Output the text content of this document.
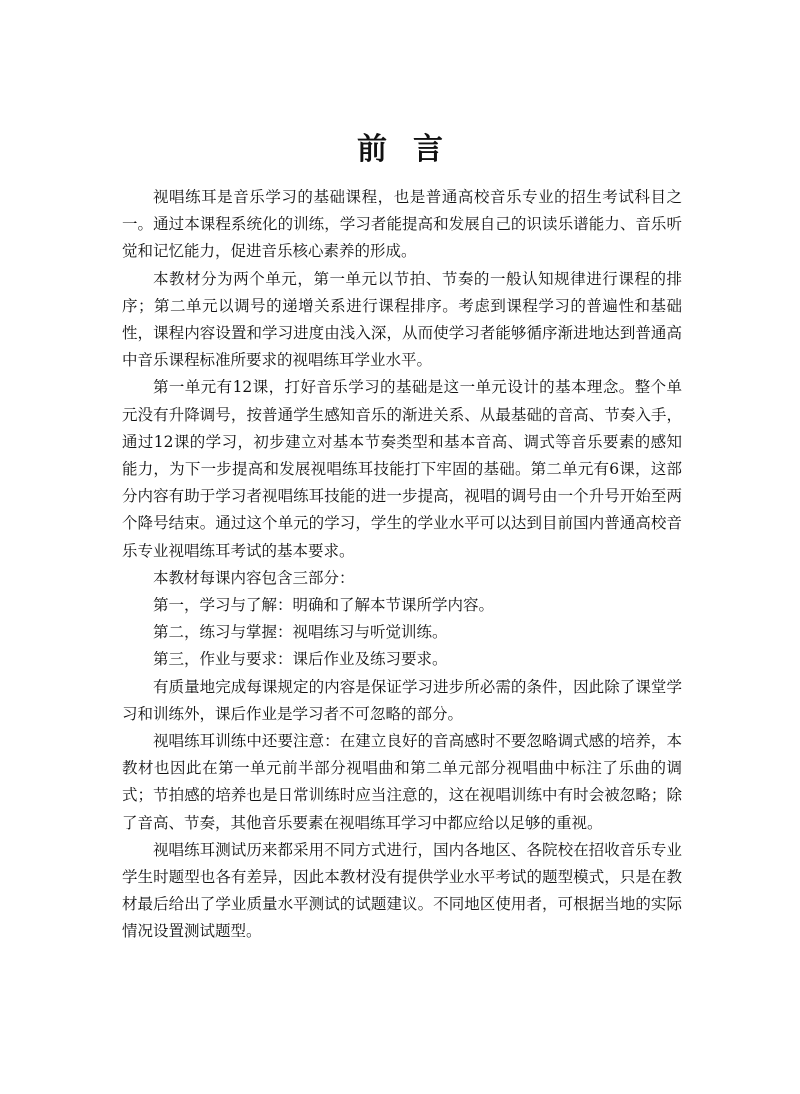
前言

视唱练耳是音乐学习的基础课程，也是普通高校音乐专业的招生考试科目之一。通过本课程系统化的训练，学习者能提高和发展自己的识读乐谱能力、音乐听觉和记忆能力，促进音乐核心素养的形成。

本教材分为两个单元，第一单元以节拍、节奏的一般认知规律进行课程的排序；第二单元以调号的递增关系进行课程排序。考虑到课程学习的普遍性和基础性，课程内容设置和学习进度由浅入深，从而使学习者能够循序渐进地达到普通高中音乐课程标准所要求的视唱练耳学业水平。

第一单元有12课，打好音乐学习的基础是这一单元设计的基本理念。整个单元没有升降调号，按普通学生感知音乐的渐进关系、从最基础的音高、节奏入手，通过12课的学习，初步建立对基本节奏类型和基本音高、调式等音乐要素的感知能力，为下一步提高和发展视唱练耳技能打下牢固的基础。第二单元有6课，这部分内容有助于学习者视唱练耳技能的进一步提高，视唱的调号由一个升号开始至两个降号结束。通过这个单元的学习，学生的学业水平可以达到目前国内普通高校音乐专业视唱练耳考试的基本要求。

本教材每课内容包含三部分：

第一，学习与了解：明确和了解本节课所学内容。

第二，练习与掌握：视唱练习与听觉训练。

第三，作业与要求：课后作业及练习要求。

有质量地完成每课规定的内容是保证学习进步所必需的条件，因此除了课堂学习和训练外，课后作业是学习者不可忽略的部分。

视唱练耳训练中还要注意：在建立良好的音高感时不要忽略调式感的培养，本教材也因此在第一单元前半部分视唱曲和第二单元部分视唱曲中标注了乐曲的调式；节拍感的培养也是日常训练时应当注意的，这在视唱训练中有时会被忽略；除了音高、节奏，其他音乐要素在视唱练耳学习中都应给以足够的重视。

视唱练耳测试历来都采用不同方式进行，国内各地区、各院校在招收音乐专业学生时题型也各有差异，因此本教材没有提供学业水平考试的题型模式，只是在教材最后给出了学业质量水平测试的试题建议。不同地区使用者，可根据当地的实际情况设置测试题型。
